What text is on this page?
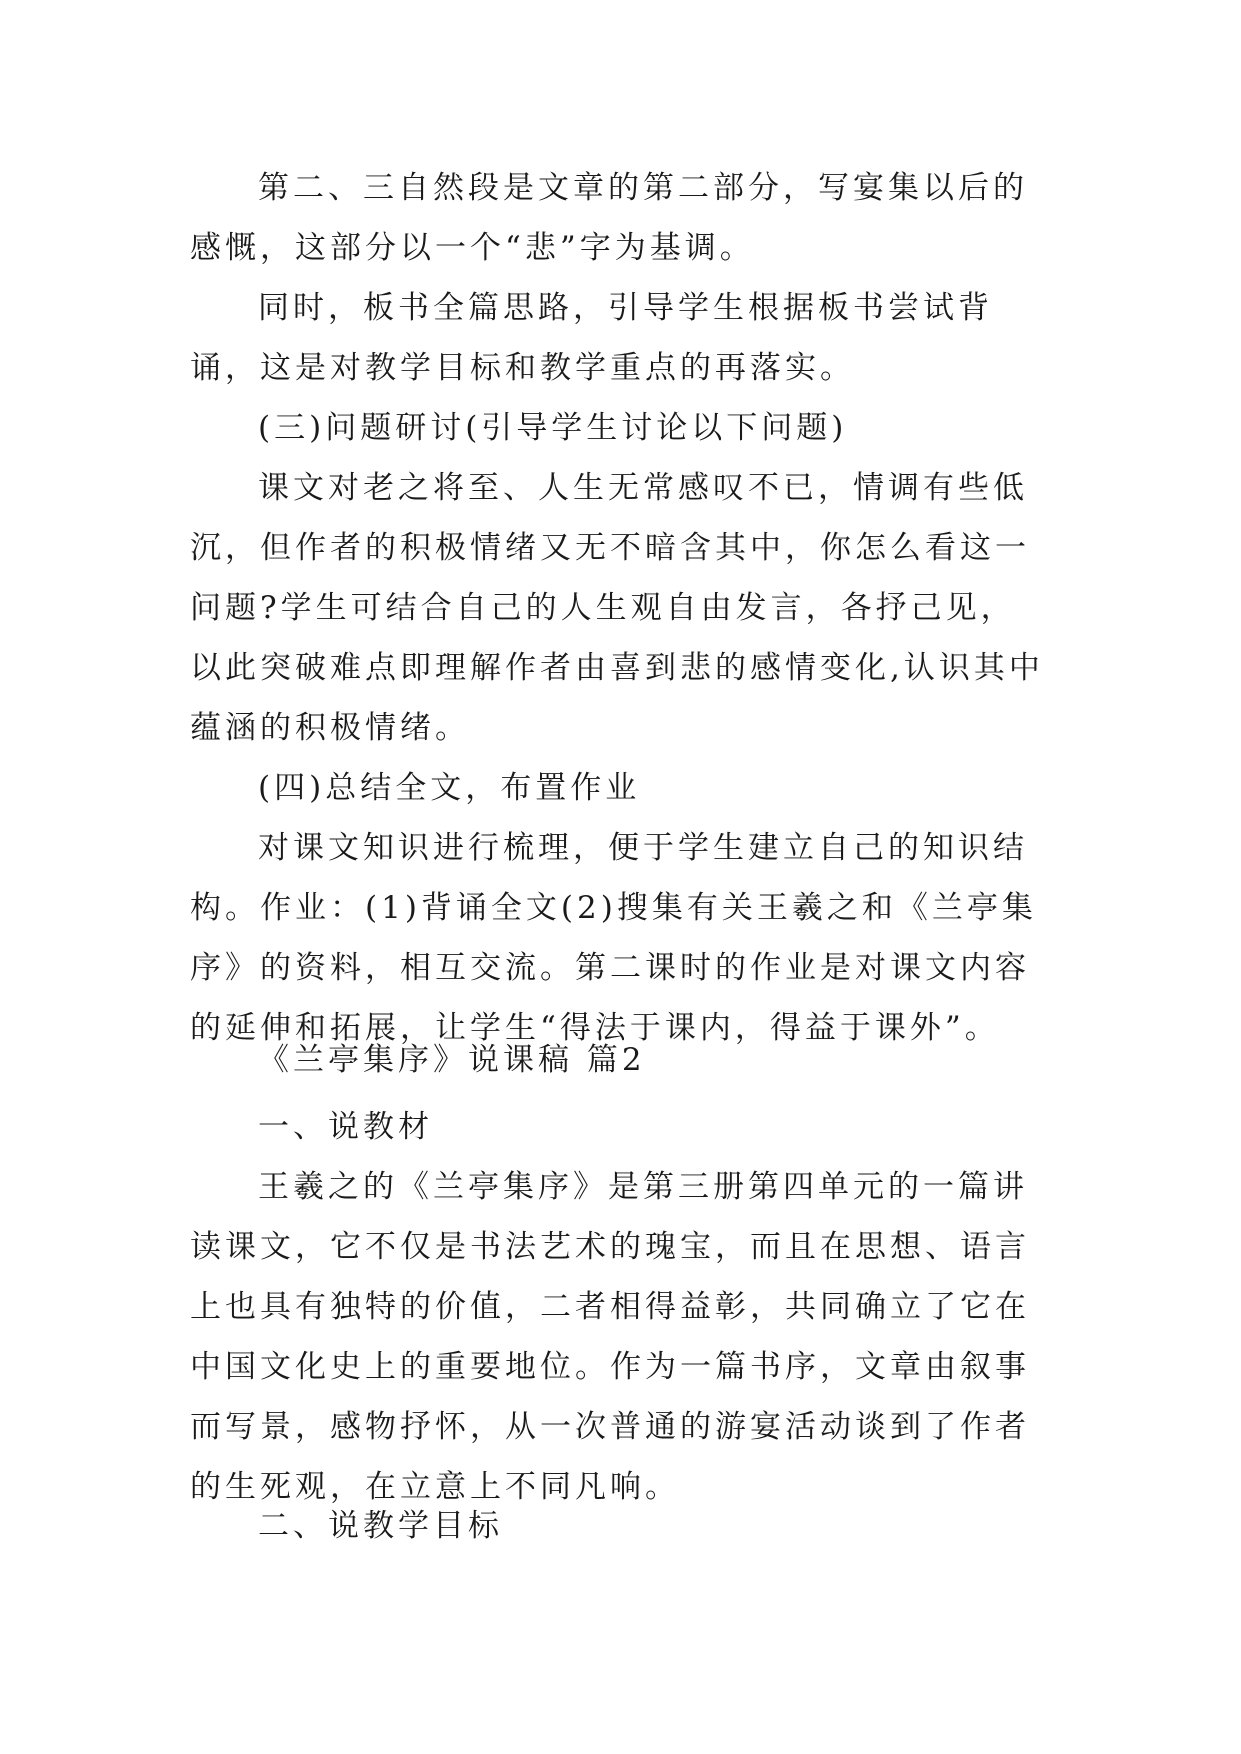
第二、三自然段是文章的第二部分，写宴集以后的感慨，这部分以一个“悲”字为基调。

同时，板书全篇思路，引导学生根据板书尝试背诵，这是对教学目标和教学重点的再落实。

(三)问题研讨(引导学生讨论以下问题)

课文对老之将至、人生无常感叹不已，情调有些低沉，但作者的积极情绪又无不暗含其中，你怎么看这一问题?学生可结合自己的人生观自由发言，各抒己见，以此突破难点即理解作者由喜到悲的感情变化,认识其中蕴涵的积极情绪。

(四)总结全文，布置作业

对课文知识进行梳理，便于学生建立自己的知识结构。作业：(1)背诵全文(2)搜集有关王羲之和《兰亭集序》的资料，相互交流。第二课时的作业是对课文内容的延伸和拓展，让学生“得法于课内，得益于课外”。

《兰亭集序》说课稿 篇2

一、说教材

王羲之的《兰亭集序》是第三册第四单元的一篇讲读课文，它不仅是书法艺术的瑰宝，而且在思想、语言上也具有独特的价值，二者相得益彰，共同确立了它在中国文化史上的重要地位。作为一篇书序，文章由叙事而写景，感物抒怀，从一次普通的游宴活动谈到了作者的生死观，在立意上不同凡响。

二、说教学目标
